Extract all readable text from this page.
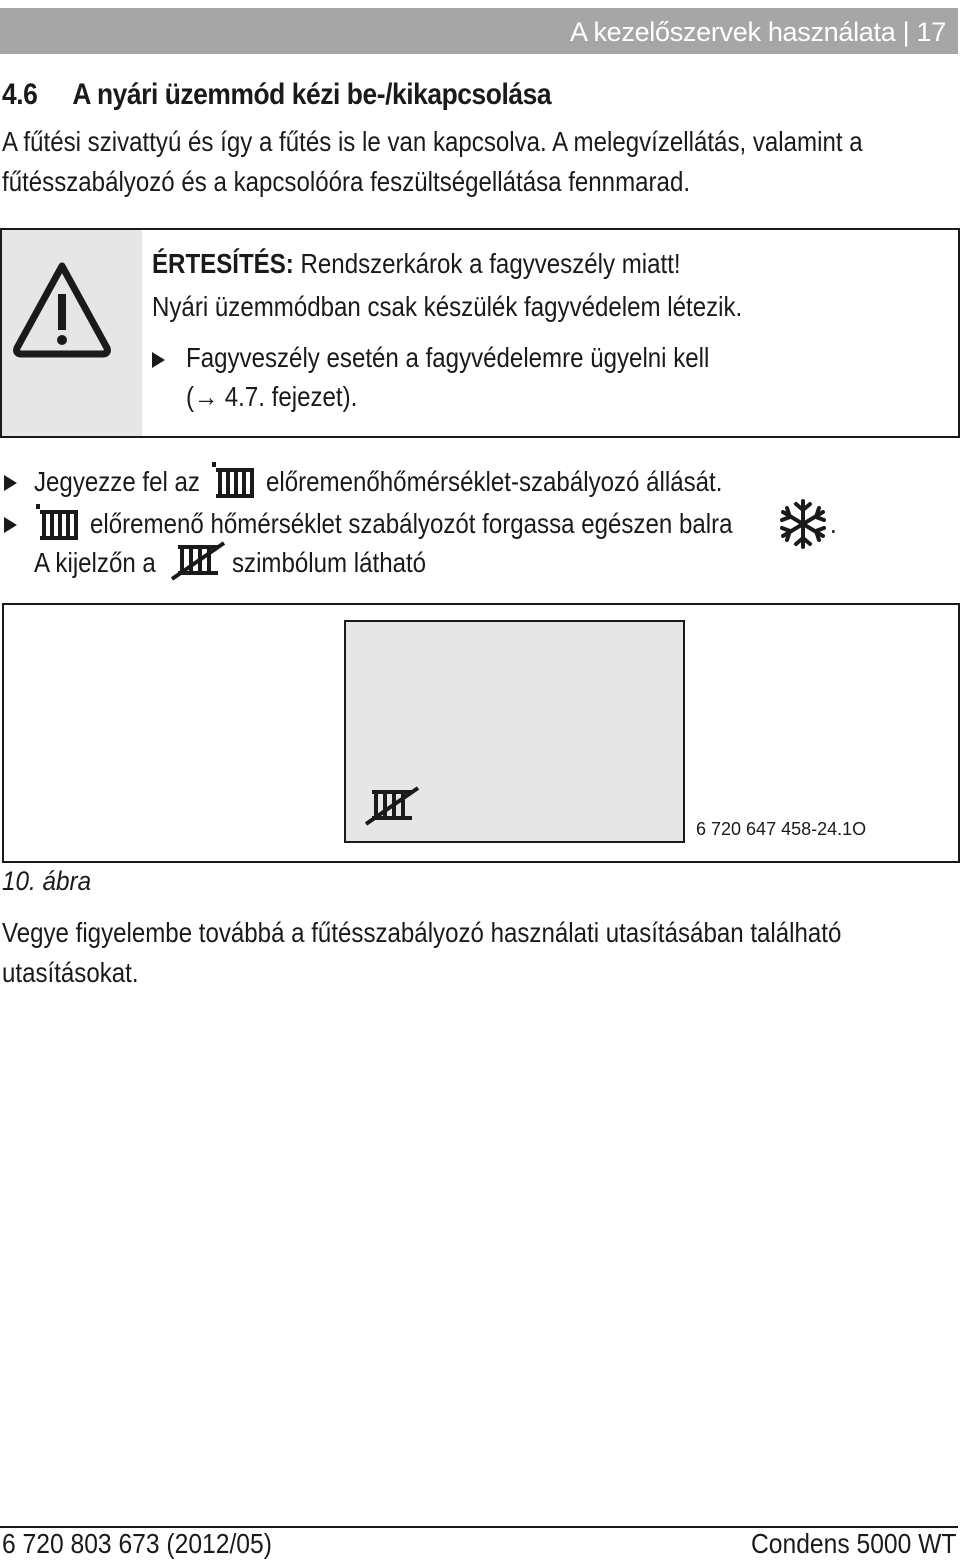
A kezelőszervek használata | 17
4.6 A nyári üzemmód kézi be-/kikapcsolása
A fűtési szivattyú és így a fűtés is le van kapcsolva. A melegvízellátás, valamint a
fűtésszabályozó és a kapcsolóóra feszültségellátása fennmarad.
ÉRTESÍTÉS: Rendszerkárok a fagyveszély miatt!
Nyári üzemmódban csak készülék fagyvédelem létezik.
Fagyveszély esetén a fagyvédelemre ügyelni kell
(→ 4.7. fejezet).
Jegyezze fel az előremenőhőmérséklet-szabályozó állását.
előremenő hőmérséklet szabályozót forgassa egészen balra	.
A kijelzőn a	szimbólum látható
6 720 647 458-24.1O
10. ábra
Vegye figyelembe továbbá a fűtésszabályozó használati utasításában található
utasításokat.
6 720 803 673 (2012/05)	Condens 5000 WT
